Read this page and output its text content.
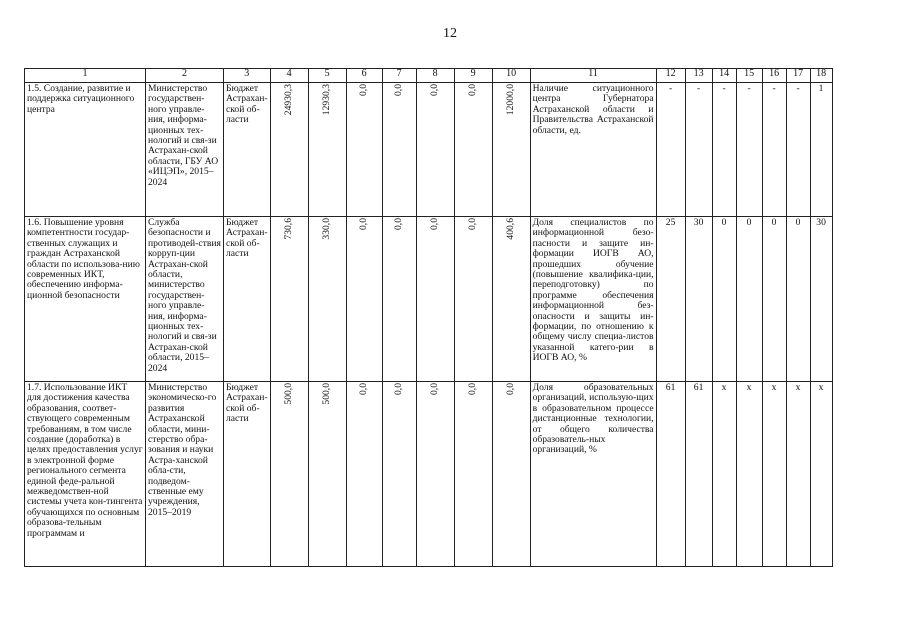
12
1	2	3	4	5	6	7	8	9	10	11	12	13	14	15	16	17	18
1.5. Создание, развитие и поддержка ситуационного центра	Министерство государствен-ного управле-ния, информа-ционных тех-нологий и свя-зи Астрахан-ской области, ГБУ АО «ИЦЭП», 2015–2024	Бюджет Астрахан-ской об-ласти	24930,3	12930,3	0,0	0,0	0,0	0,0	12000,0	Наличие ситуационного центра Губернатора Астраханской области и Правительства Астраханской области, ед.	-	-	-	-	-	-	1
1.6. Повышение уровня компетентности государ-ственных служащих и граждан Астраханской области по использова-нию современных ИКТ, обеспечению информа-ционной безопасности	Служба безопасности и противодей-ствия корруп-ции Астрахан-ской области, министерство государствен-ного управле-ния, информа-ционных тех-нологий и свя-зи Астрахан-ской области, 2015–2024	Бюджет Астрахан-ской об-ласти	730,6	330,0	0,0	0,0	0,0	0,0	400,6	Доля специалистов по информационной безо-пасности и защите ин-формации ИОГВ АО, прошедших обучение (повышение квалифика-ции, переподготовку) по программе обеспечения информационной без-опасности и защиты ин-формации, по отношению к общему числу специа-листов указанной катего-рии в ИОГВ АО, %	25	30	0	0	0	0	30
1.7. Использование ИКТ для достижения качества образования, соответ-ствующего современным требованиям, в том числе создание (доработка) в целях предоставления услуг в электронной форме регионального сегмента единой феде-ральной межведомствен-ной системы учета кон-тингента обучающихся по основным образова-тельным программам и	Министерство экономическо-го развития Астраханской области, мини-стерство обра-зования и науки Астра-ханской обла-сти, подведом-ственные ему учреждения, 2015–2019	Бюджет Астрахан-ской об-ласти	500,0	500,0	0,0	0,0	0,0	0,0	0,0	Доля образовательных организаций, использую-щих в образовательном процессе дистанционные технологии, от общего количества образователь-ных организаций, %	61	61	x	x	x	x	x
